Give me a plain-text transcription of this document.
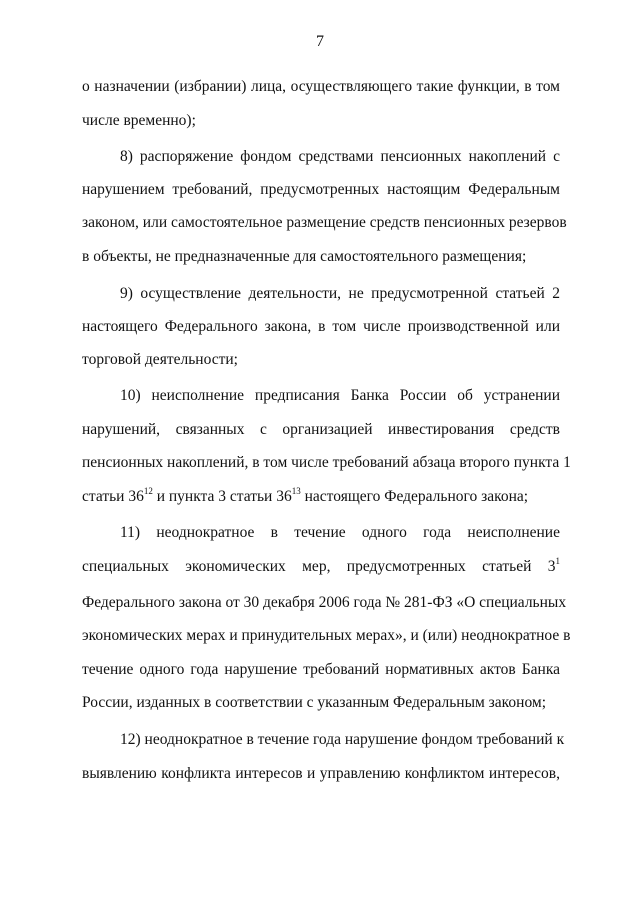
7
о назначении (избрании) лица, осуществляющего такие функции, в том
числе временно);
8) распоряжение фондом средствами пенсионных накоплений с
нарушением требований, предусмотренных настоящим Федеральным
законом, или самостоятельное размещение средств пенсионных резервов
в объекты, не предназначенные для самостоятельного размещения;
9) осуществление деятельности, не предусмотренной статьей 2
настоящего Федерального закона, в том числе производственной или
торговой деятельности;
10) неисполнение предписания Банка России об устранении
нарушений, связанных с организацией инвестирования средств
пенсионных накоплений, в том числе требований абзаца второго пункта 1
статьи $36^{12}$ и пункта 3 статьи $36^{13}$ настоящего Федерального закона;
11) неоднократное в течение одного года неисполнение
специальных экономических мер, предусмотренных статьей $3^1$
Федерального закона от 30 декабря 2006 года № 281-ФЗ «О специальных
экономических мерах и принудительных мерах», и (или) неоднократное в
течение одного года нарушение требований нормативных актов Банка
России, изданных в соответствии с указанным Федеральным законом;
12) неоднократное в течение года нарушение фондом требований к
выявлению конфликта интересов и управлению конфликтом интересов,
